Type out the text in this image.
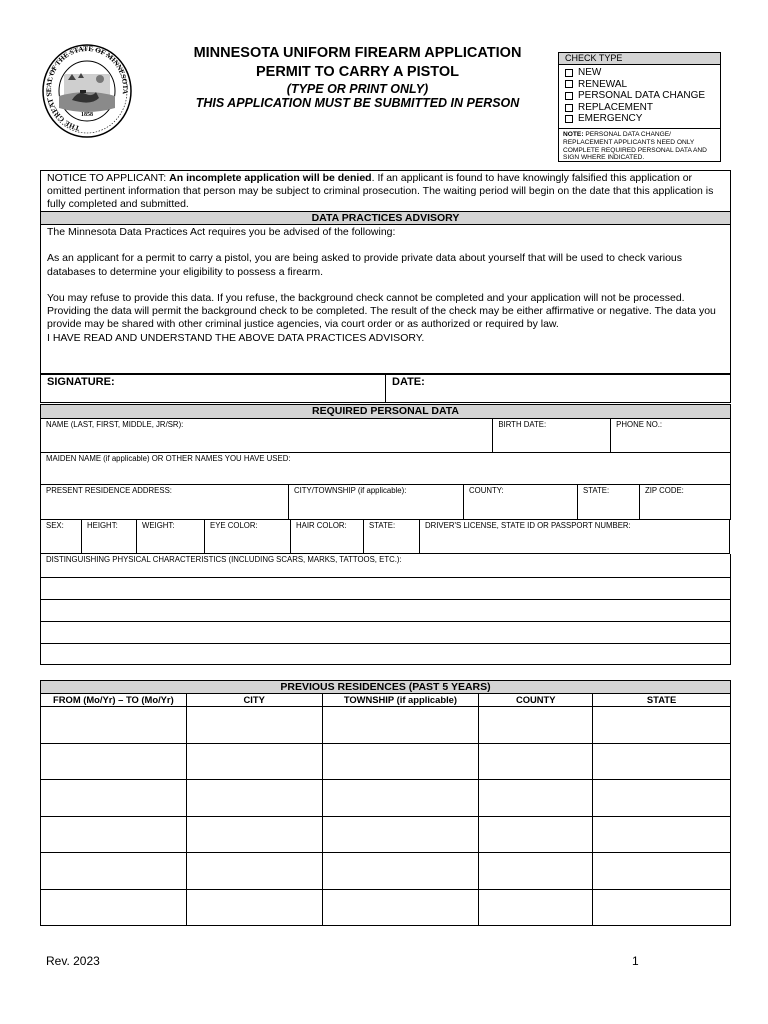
THE GREAT SEAL OF THE STATE OF MINNESOTA
1858
MINNESOTA UNIFORM FIREARM APPLICATION
PERMIT TO CARRY A PISTOL
(TYPE OR PRINT ONLY)
THIS APPLICATION MUST BE SUBMITTED IN PERSON
CHECK TYPE
NEW
RENEWAL
PERSONAL DATA CHANGE
REPLACEMENT
EMERGENCY
NOTE: PERSONAL DATA CHANGE/ REPLACEMENT APPLICANTS NEED ONLY COMPLETE REQUIRED PERSONAL DATA AND SIGN WHERE INDICATED.
NOTICE TO APPLICANT: An incomplete application will be denied. If an applicant is found to have knowingly falsified this application or omitted pertinent information that person may be subject to criminal prosecution. The waiting period will begin on the date that this application is fully completed and submitted.
DATA PRACTICES ADVISORY

The Minnesota Data Practices Act requires you be advised of the following:

As an applicant for a permit to carry a pistol, you are being asked to provide private data about yourself that will be used to check various databases to determine your eligibility to possess a firearm.

You may refuse to provide this data. If you refuse, the background check cannot be completed and your application will not be processed. Providing the data will permit the background check to be completed. The result of the check may be either affirmative or negative. The data you provide may be shared with other criminal justice agencies, via court order or as authorized or required by law.

I HAVE READ AND UNDERSTAND THE ABOVE DATA PRACTICES ADVISORY.

SIGNATURE:	DATE:
REQUIRED PERSONAL DATA
NAME (LAST, FIRST, MIDDLE, JR/SR):	BIRTH DATE:	PHONE NO.:
MAIDEN NAME (if applicable) OR OTHER NAMES YOU HAVE USED:
PRESENT RESIDENCE ADDRESS:	CITY/TOWNSHIP (if applicable):	COUNTY:	STATE:	ZIP CODE:
SEX:	HEIGHT:	WEIGHT:	EYE COLOR:	HAIR COLOR:	STATE:	DRIVER'S LICENSE, STATE ID OR PASSPORT NUMBER:
DISTINGUISHING PHYSICAL CHARACTERISTICS (INCLUDING SCARS, MARKS, TATTOOS, ETC.):
PREVIOUS RESIDENCES (PAST 5 YEARS)				
FROM (Mo/Yr) – TO (Mo/Yr)	CITY	TOWNSHIP (if applicable)	COUNTY	STATE

Rev. 2023	1
